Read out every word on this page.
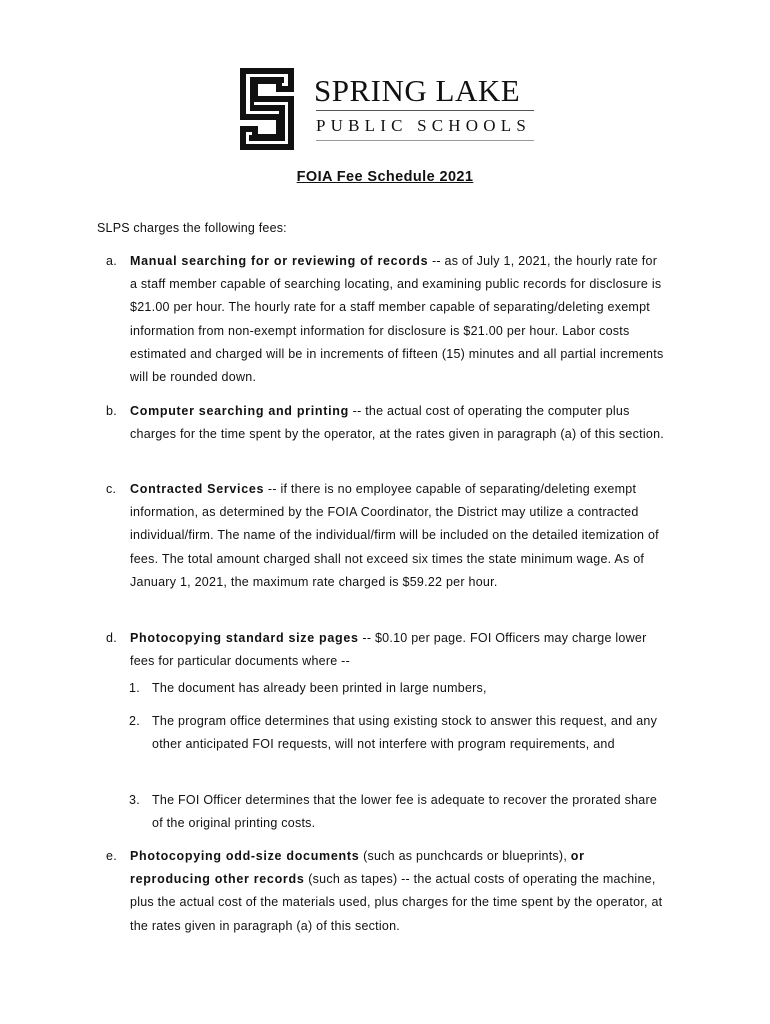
SPRING LAKE
PUBLIC SCHOOLS
FOIA Fee Schedule 2021
SLPS charges the following fees:
a. Manual searching for or reviewing of records -- as of July 1, 2021, the hourly rate for a staff member capable of searching locating, and examining public records for disclosure is $21.00 per hour. The hourly rate for a staff member capable of separating/deleting exempt information from non-exempt information for disclosure is $21.00 per hour. Labor costs estimated and charged will be in increments of fifteen (15) minutes and all partial increments will be rounded down.
b. Computer searching and printing -- the actual cost of operating the computer plus charges for the time spent by the operator, at the rates given in paragraph (a) of this section.
c. Contracted Services -- if there is no employee capable of separating/deleting exempt information, as determined by the FOIA Coordinator, the District may utilize a contracted individual/firm. The name of the individual/firm will be included on the detailed itemization of fees. The total amount charged shall not exceed six times the state minimum wage. As of January 1, 2021, the maximum rate charged is $59.22 per hour.
d. Photocopying standard size pages -- $0.10 per page. FOI Officers may charge lower fees for particular documents where --
1. The document has already been printed in large numbers,
2. The program office determines that using existing stock to answer this request, and any other anticipated FOI requests, will not interfere with program requirements, and
3. The FOI Officer determines that the lower fee is adequate to recover the prorated share of the original printing costs.
e. Photocopying odd-size documents (such as punchcards or blueprints), or reproducing other records (such as tapes) -- the actual costs of operating the machine, plus the actual cost of the materials used, plus charges for the time spent by the operator, at the rates given in paragraph (a) of this section.
